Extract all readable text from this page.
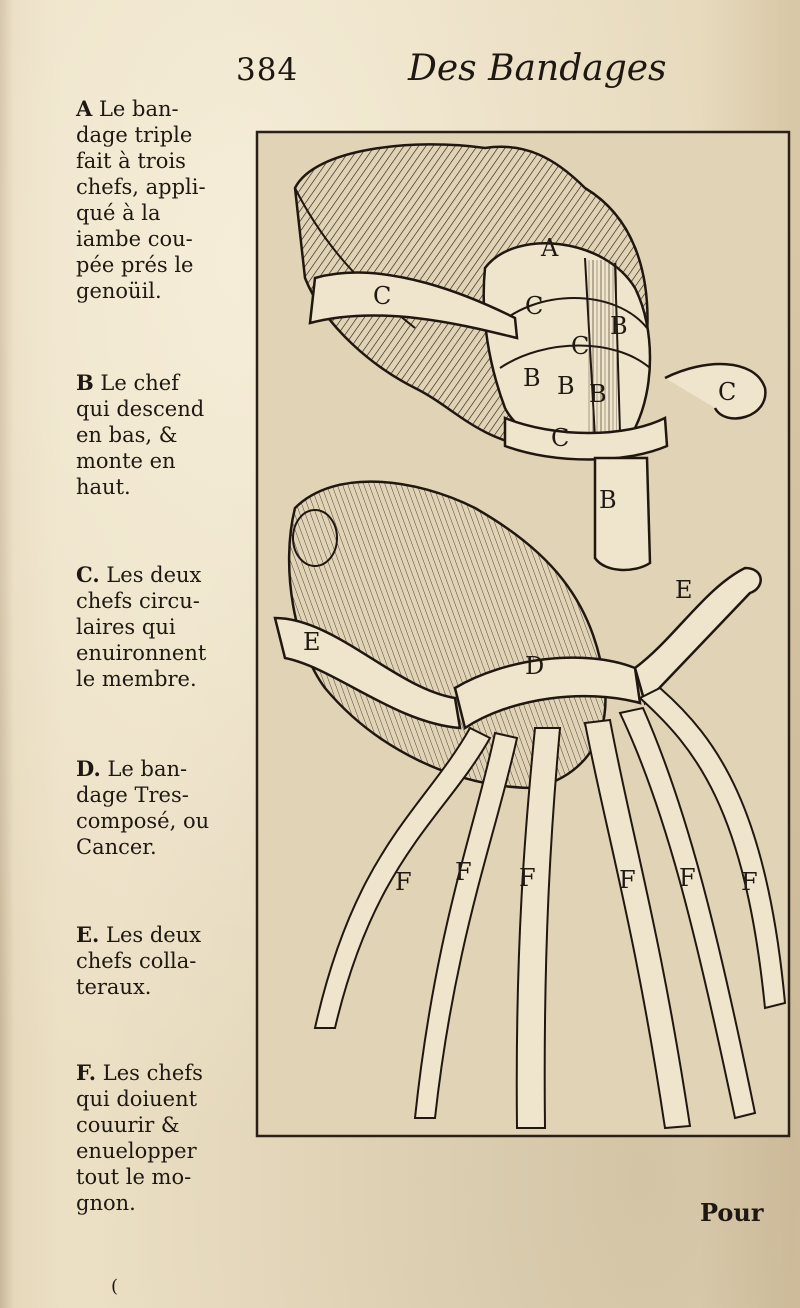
384	Des Bandages
A Le ban-
dage triple
fait à trois
chefs, appli-
qué à la
iambe cou-
pée prés le
genoüil.
B Le chef
qui descend
en bas, &
monte en
haut.
C. Les deux
chefs circu-
laires qui
enuironnent
le membre.
D. Le ban-
dage Tres-
composé, ou
Cancer.
E. Les deux
chefs colla-
teraux.
F. Les chefs
qui doiuent
couurir &
enuelopper
tout le mo-
gnon.
A
C	C
C
B
B B B	C
C
B
E
E
D
F F F	F F F
Pour
(
